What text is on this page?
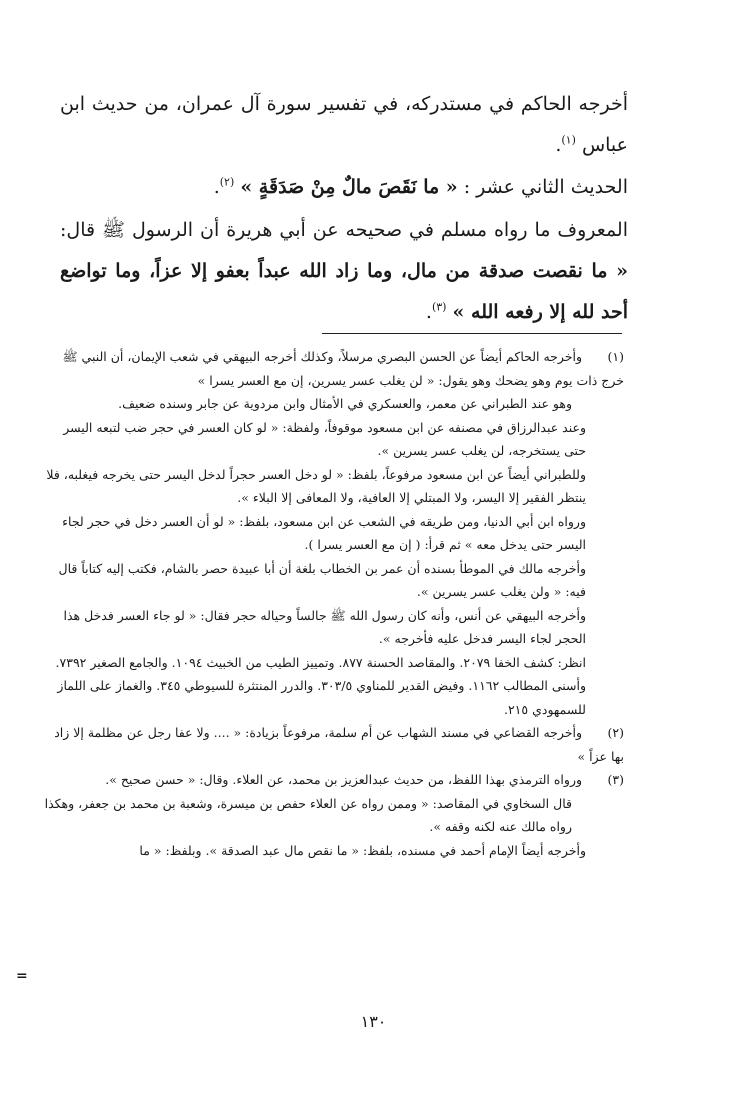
أخرجه الحاكم في مستدركه، في تفسير سورة آل عمران، من حديث ابن عباس $^{(١)}$.
الحديث الثاني عشر : « ما نَقَصَ مالٌ مِنْ صَدَقَةٍ » $^{(٢)}$.
المعروف ما رواه مسلم في صحيحه عن أبي هريرة أن الرسول ﷺ قال: « ما نقصت صدقة من مال، وما زاد الله عبداً بعفو إلا عزاً، وما تواضع أحد لله إلا رفعه الله » $^{(٣)}$.
(١) وأخرجه الحاكم أيضاً عن الحسن البصري مرسلاً، وكذلك أخرجه البيهقي في شعب الإيمان، أن النبي ﷺ خرج ذات يوم وهو يضحك وهو يقول: « لن يغلب عسر يسرين، إن مع العسر يسرا »
وهو عند الطبراني عن معمر، والعسكري في الأمثال وابن مردوية عن جابر وسنده ضعيف.
وعند عبدالرزاق في مصنفه عن ابن مسعود موقوفاً، ولفظة: « لو كان العسر في حجر ضب لتبعه اليسر حتى يستخرجه، لن يغلب عسر يسرين ».
وللطبراني أيضاً عن ابن مسعود مرفوعاً، بلفظ: « لو دخل العسر حجراً لدخل اليسر حتى يخرجه فيغلبه، فلا ينتظر الفقير إلا اليسر، ولا المبتلي إلا العافية، ولا المعافى إلا البلاء ».
ورواه ابن أبي الدنيا، ومن طريقه في الشعب عن ابن مسعود، بلفظ: « لو أن العسر دخل في حجر لجاء اليسر حتى يدخل معه » ثم قرأ: ( إن مع العسر يسرا ).
وأخرجه مالك في الموطأ بسنده أن عمر بن الخطاب بلغة أن أبا عبيدة حصر بالشام، فكتب إليه كتاباً قال فيه: « ولن يغلب عسر يسرين ».
وأخرجه البيهقي عن أنس، وأنه كان رسول الله ﷺ جالساً وحياله حجر فقال: « لو جاء العسر فدخل هذا الحجر لجاء اليسر فدخل عليه فأخرجه ».
انظر: كشف الخفا ٢٠٧٩. والمقاصد الحسنة ٨٧٧. وتمييز الطيب من الخبيث ١٠٩٤. والجامع الصغير ٧٣٩٢. وأسنى المطالب ١١٦٢. وفيض القدير للمناوي ٣٠٣/٥. والدرر المنتثرة للسيوطي ٣٤٥. والغماز على اللماز للسمهودي ٢١٥.
(٢) وأخرجه القضاعي في مسند الشهاب عن أم سلمة، مرفوعاً بزيادة: « .... ولا عفا رجل عن مظلمة إلا زاد بها عزاً »
(٣) ورواه الترمذي بهذا اللفظ، من حديث عبدالعزيز بن محمد، عن العلاء. وقال: « حسن صحيح ».
قال السخاوي في المقاصد: « وممن رواه عن العلاء حفص بن ميسرة، وشعبة بن محمد بن جعفر، وهكذا رواه مالك عنه لكنه وقفه ».
وأخرجه أيضاً الإمام أحمد في مسنده، بلفظ: « ما نقص مال عبد الصدقة ». وبلفظ: « ما
=
١٣٠
